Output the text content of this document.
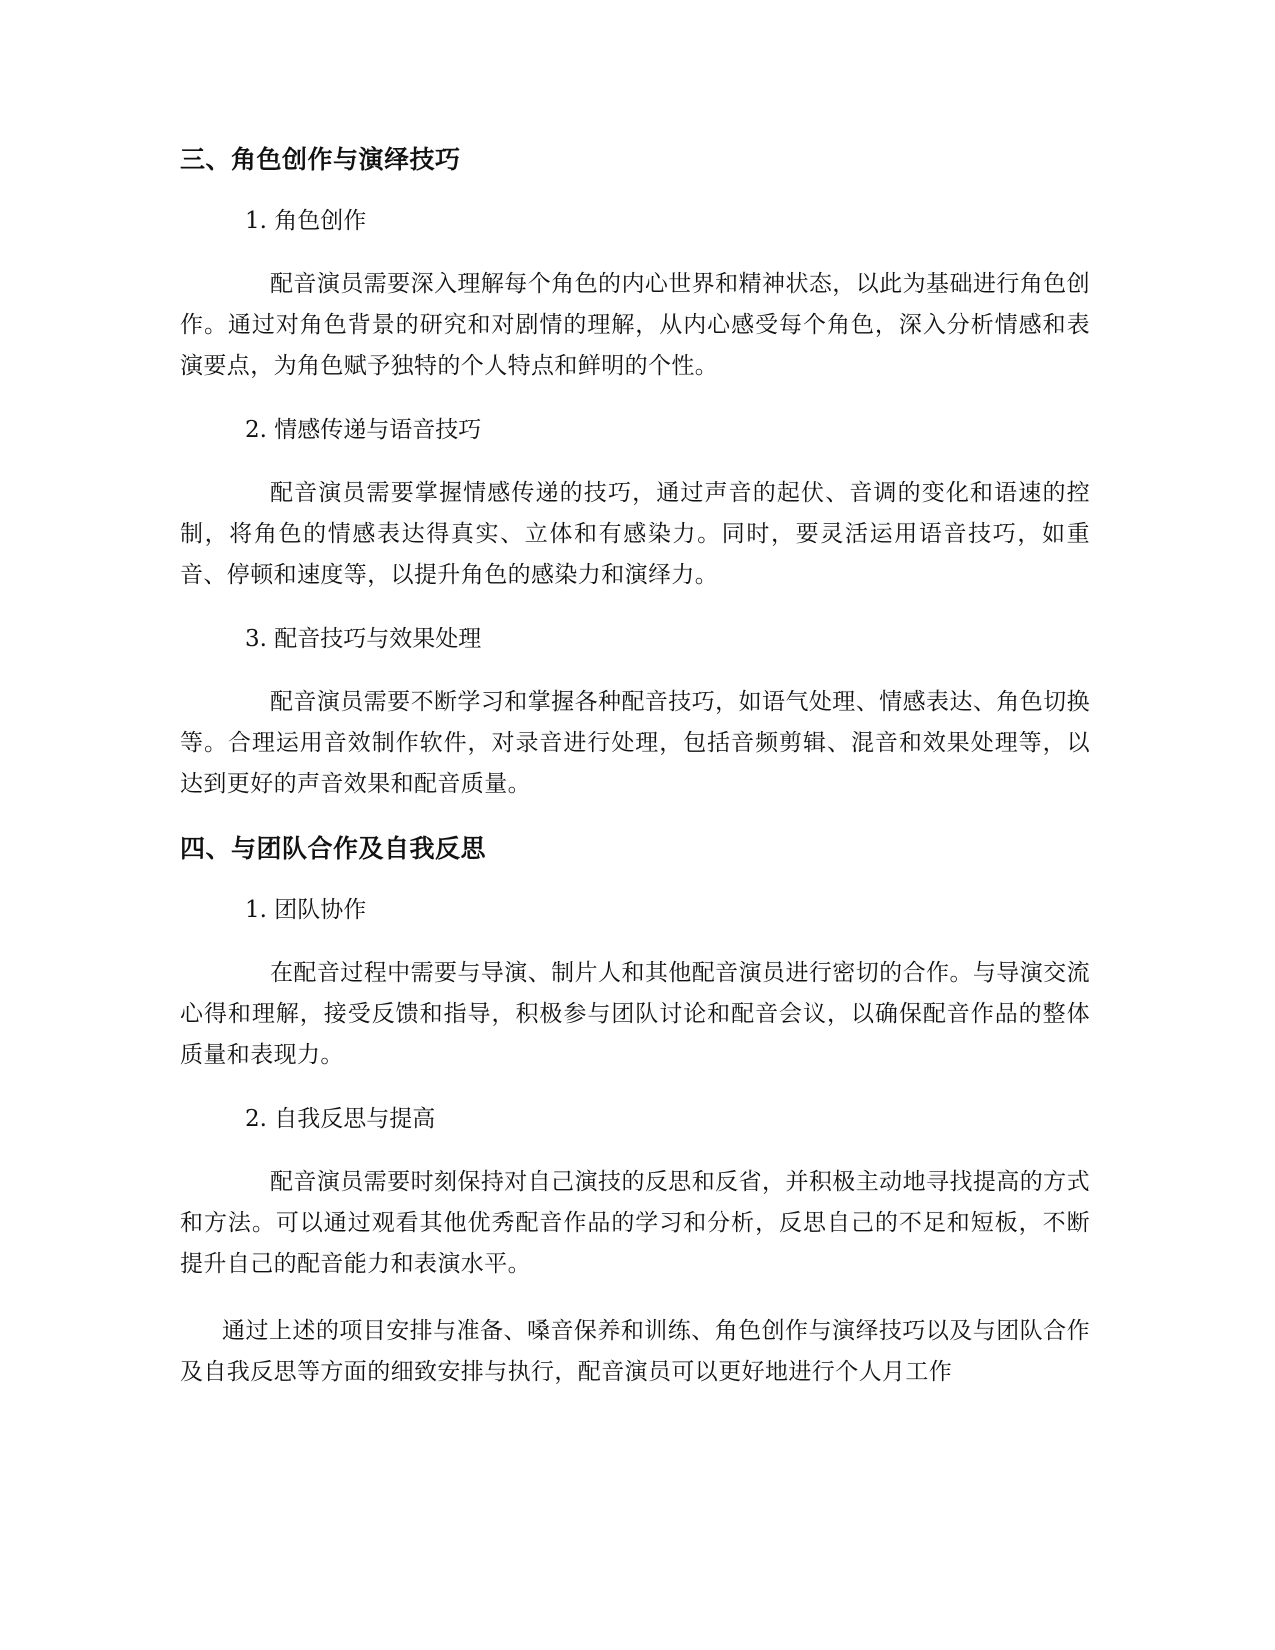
三、角色创作与演绎技巧
1. 角色创作

配音演员需要深入理解每个角色的内心世界和精神状态，以此为基础进行角色创作。通过对角色背景的研究和对剧情的理解，从内心感受每个角色，深入分析情感和表演要点，为角色赋予独特的个人特点和鲜明的个性。

2. 情感传递与语音技巧

配音演员需要掌握情感传递的技巧，通过声音的起伏、音调的变化和语速的控制，将角色的情感表达得真实、立体和有感染力。同时，要灵活运用语音技巧，如重音、停顿和速度等，以提升角色的感染力和演绎力。

3. 配音技巧与效果处理

配音演员需要不断学习和掌握各种配音技巧，如语气处理、情感表达、角色切换等。合理运用音效制作软件，对录音进行处理，包括音频剪辑、混音和效果处理等，以达到更好的声音效果和配音质量。

四、与团队合作及自我反思
1. 团队协作

在配音过程中需要与导演、制片人和其他配音演员进行密切的合作。与导演交流心得和理解，接受反馈和指导，积极参与团队讨论和配音会议，以确保配音作品的整体质量和表现力。

2. 自我反思与提高

配音演员需要时刻保持对自己演技的反思和反省，并积极主动地寻找提高的方式和方法。可以通过观看其他优秀配音作品的学习和分析，反思自己的不足和短板，不断提升自己的配音能力和表演水平。

通过上述的项目安排与准备、嗓音保养和训练、角色创作与演绎技巧以及与团队合作及自我反思等方面的细致安排与执行，配音演员可以更好地进行个人月工作
